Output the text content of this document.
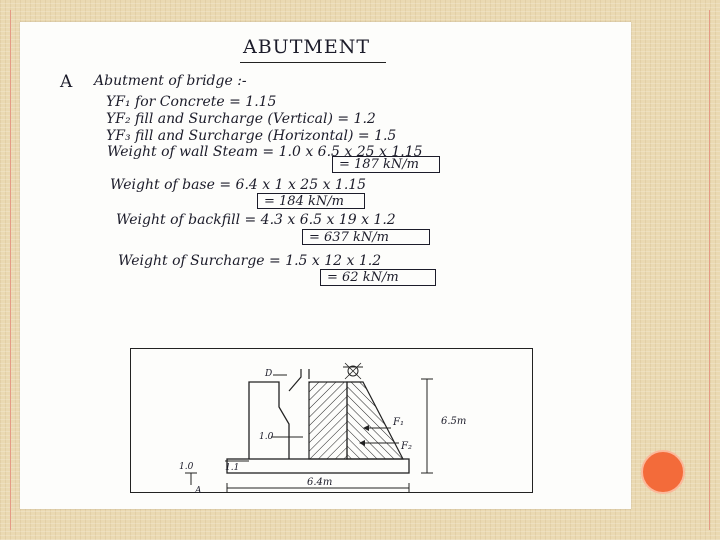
ABUTMENT
A Abutment of bridge :-
YF₁ for Concrete = 1.15
YF₂ fill and Surcharge (Vertical) = 1.2
YF₃ fill and Surcharge (Horizontal) = 1.5
Weight of wall Steam = 1.0 x 6.5 x 25 x 1.15
= 187 kN/m
Weight of base = 6.4 x 1 x 25 x 1.15
= 184 kN/m
Weight of backfill = 4.3 x 6.5 x 19 x 1.2
= 637 kN/m
Weight of Surcharge = 1.5 x 12 x 1.2
= 62 kN/m
6.5m
F₁
F₂
1.0
1.1
D
6.4m
1.0
A
